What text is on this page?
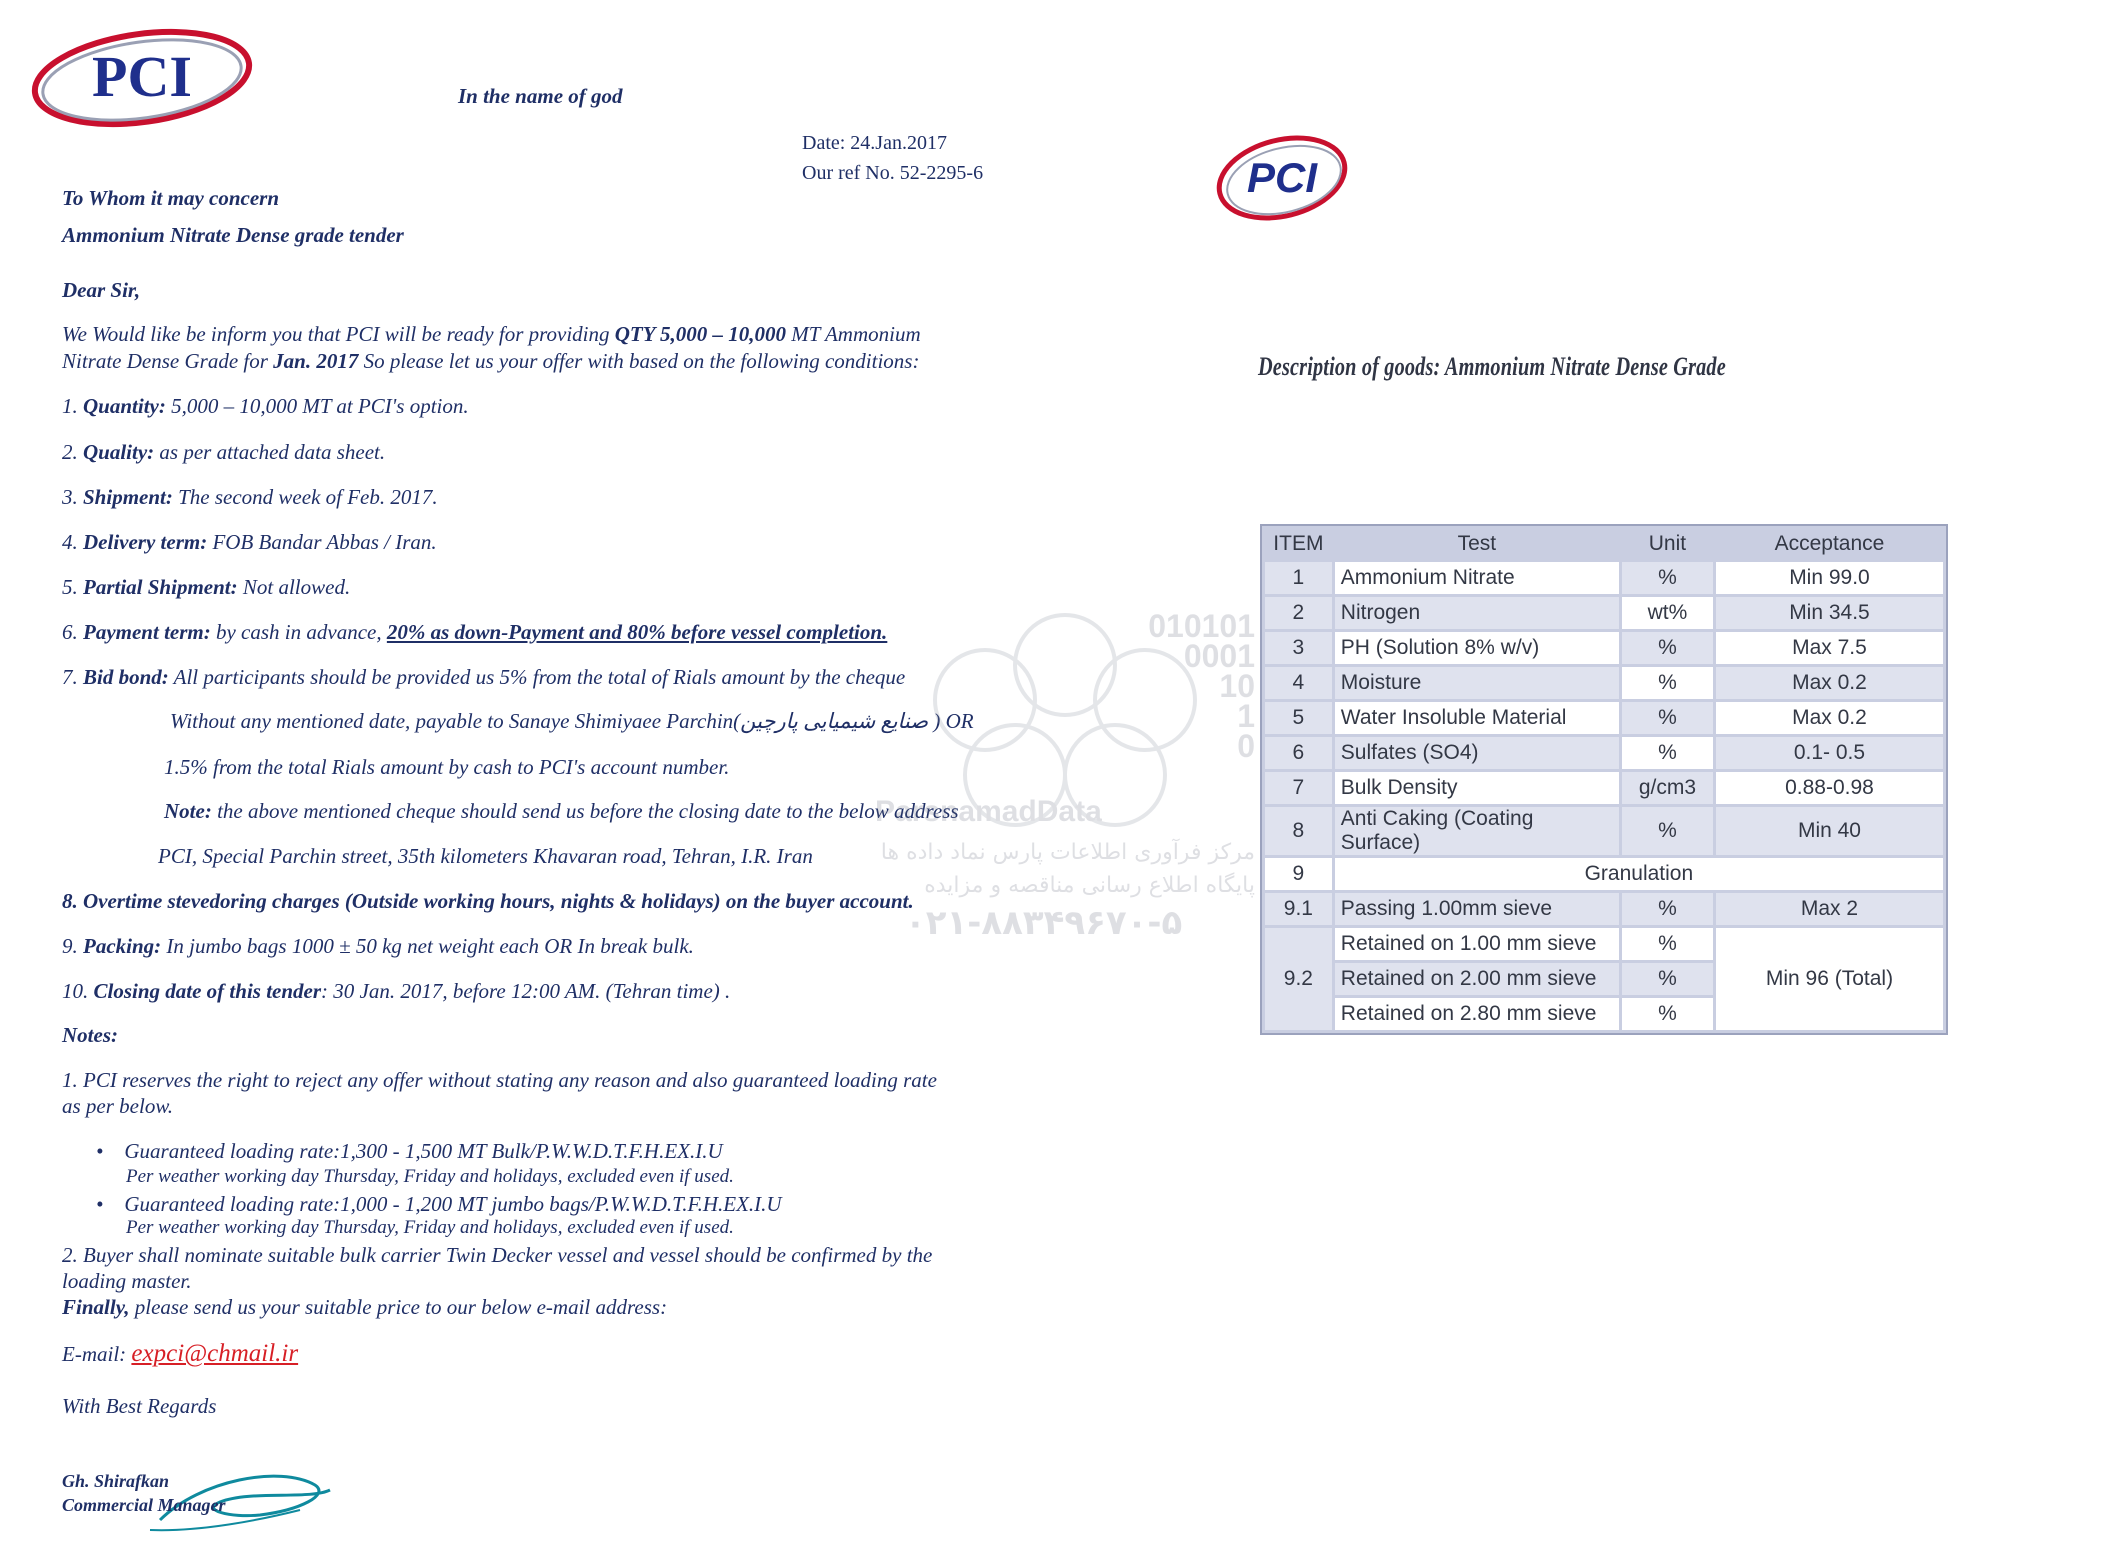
PCI	In the name of god
Date: 24.Jan.2017
Our ref No. 52-2295-6
To Whom it may concern
Ammonium Nitrate Dense grade tender
Dear Sir,
We Would like be inform you that PCI will be ready for providing QTY 5,000 – 10,000 MT Ammonium
Nitrate Dense Grade for Jan. 2017 So please let us your offer with based on the following conditions:
1. Quantity: 5,000 – 10,000 MT at PCI's option.
2. Quality: as per attached data sheet.
3. Shipment: The second week of Feb. 2017.
4. Delivery term: FOB Bandar Abbas / Iran.
5. Partial Shipment: Not allowed.
6. Payment term: by cash in advance, 20% as down-Payment and 80% before vessel completion.
7. Bid bond: All participants should be provided us 5% from the total of Rials amount by the cheque
Without any mentioned date, payable to Sanaye Shimiyaee Parchin(صنایع شیمیایی پارچین ) OR
1.5% from the total Rials amount by cash to PCI's account number.
Note: the above mentioned cheque should send us before the closing date to the below address
PCI, Special Parchin street, 35th kilometers Khavaran road, Tehran, I.R. Iran
8. Overtime stevedoring charges (Outside working hours, nights & holidays) on the buyer account.
9. Packing: In jumbo bags 1000 ± 50 kg net weight each OR In break bulk.
10. Closing date of this tender: 30 Jan. 2017, before 12:00 AM. (Tehran time) .
Notes:
1. PCI reserves the right to reject any offer without stating any reason and also guaranteed loading rate
as per below.
•    Guaranteed loading rate:1,300 - 1,500 MT Bulk/P.W.W.D.T.F.H.EX.I.U
Per weather working day Thursday, Friday and holidays, excluded even if used.
•    Guaranteed loading rate:1,000 - 1,200 MT jumbo bags/P.W.W.D.T.F.H.EX.I.U
Per weather working day Thursday, Friday and holidays, excluded even if used.
2. Buyer shall nominate suitable bulk carrier Twin Decker vessel and vessel should be confirmed by the
loading master.
Finally, please send us your suitable price to our below e-mail address:
E-mail: expci@chmail.ir
With Best Regards
Gh. Shirafkan
Commercial Manager
010101
0001
10
1
0
ParsnamadData
مرکز فرآوری اطلاعات پارس نماد داده ها
پایگاه اطلاع رسانی مناقصه و مزایده
۰۲۱-۸۸۳۴۹۶۷۰-۵
PCI
Description of goods: Ammonium Nitrate Dense Grade
ITEM	Test	Unit	Acceptance
1	Ammonium Nitrate	%	Min 99.0
2	Nitrogen	wt%	Min 34.5
3	PH (Solution 8% w/v)	%	Max 7.5
4	Moisture	%	Max 0.2
5	Water Insoluble Material	%	Max 0.2
6	Sulfates (SO4)	%	0.1- 0.5
7	Bulk Density	g/cm3	0.88-0.98
8	Anti Caking (Coating Surface)	%	Min 40
9	Granulation		
9.1	Passing 1.00mm sieve	%	Max 2
9.2	Retained on 1.00 mm sieve	%	Min 96 (Total)
	Retained on 2.00 mm sieve	%	
	Retained on 2.80 mm sieve	%	
